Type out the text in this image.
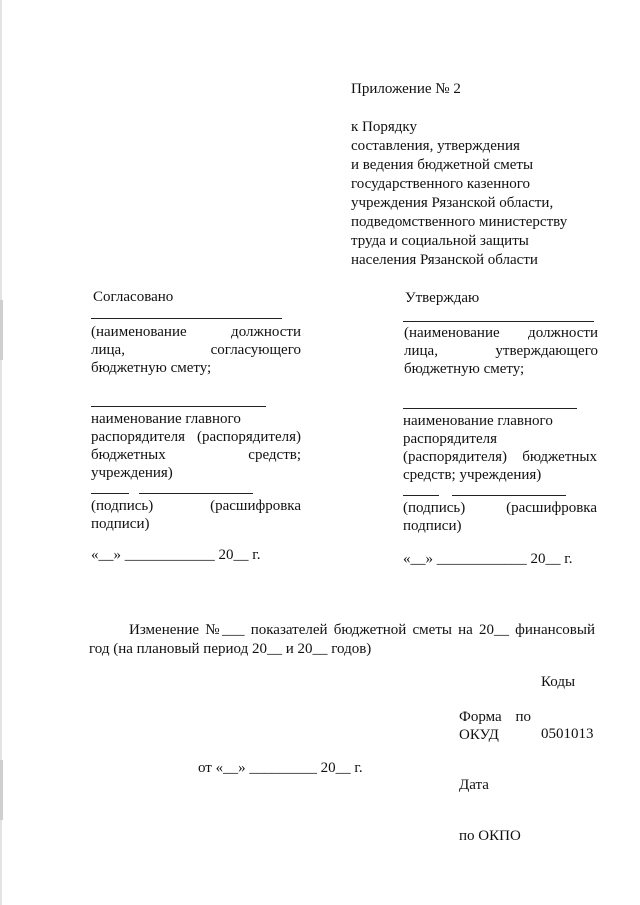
Приложение № 2
к Порядку
составления, утверждения
и ведения бюджетной сметы
государственного казенного
учреждения Рязанской области,
подведомственного министерству
труда и социальной защиты
населения Рязанской области
Согласовано
(наименование должности
лица, согласующего
бюджетную смету;
наименование главного
распорядителя (распорядителя)
бюджетных средств;
учреждения)
(подпись) (расшифровка
подписи)
«__» ____________ 20__ г.
Утверждаю
(наименование должности
лица, утверждающего
бюджетную смету;
наименование главного
распорядителя
(распорядителя) бюджетных
средств; учреждения)
(подпись) (расшифровка
подписи)
«__» ____________ 20__ г.
Изменение №___ показателей бюджетной сметы на 20__ финансовый
год (на плановый период 20__ и 20__ годов)
Коды
Форма по
ОКУД	0501013
от «__» _________ 20__ г.
Дата
по ОКПО
